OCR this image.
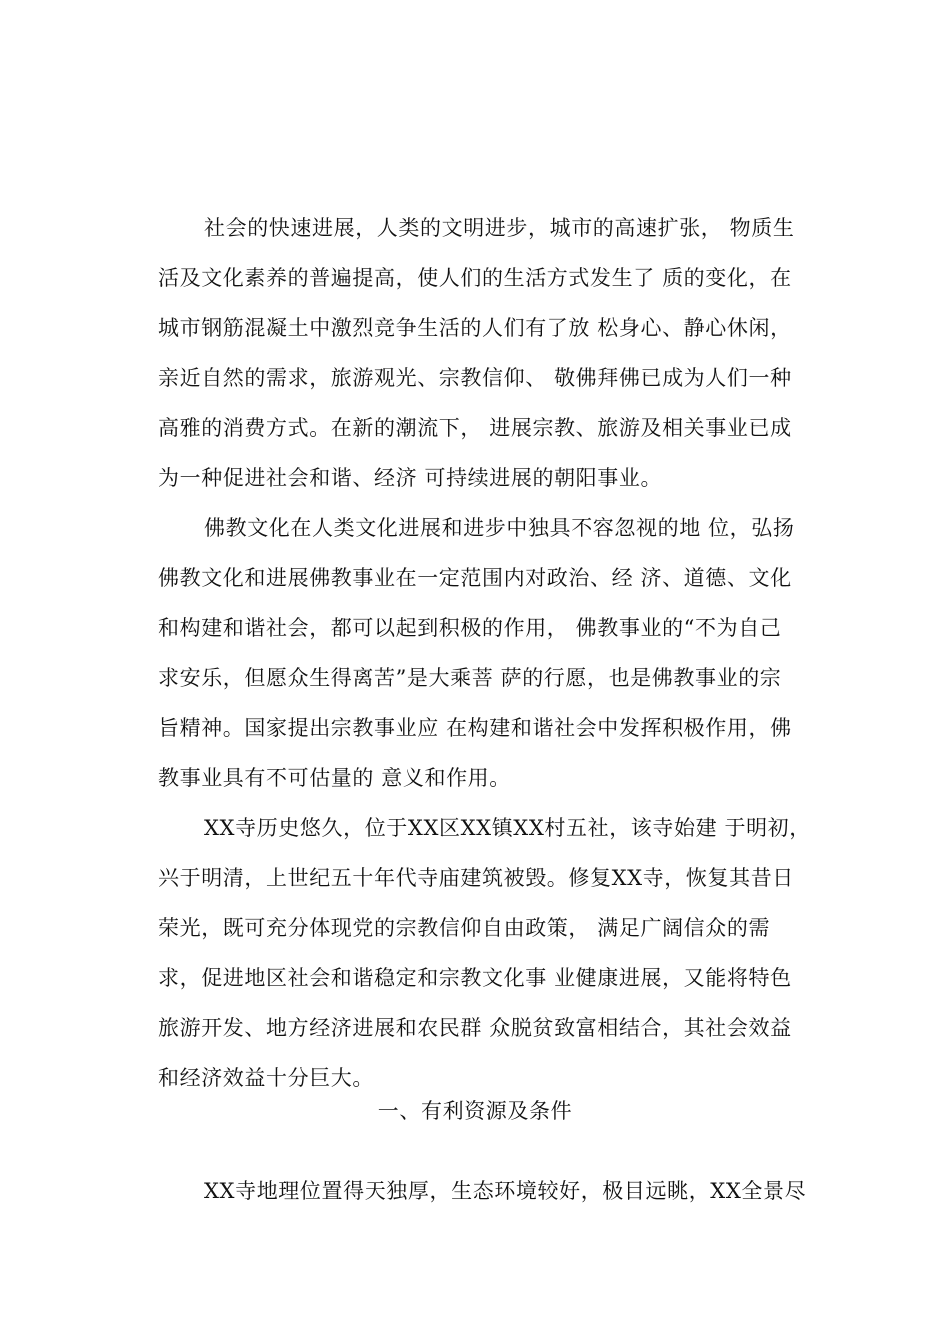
社会的快速进展，人类的文明进步，城市的高速扩张， 物质生
活及文化素养的普遍提高，使人们的生活方式发生了 质的变化，在
城市钢筋混凝土中激烈竞争生活的人们有了放 松身心、静心休闲，
亲近自然的需求，旅游观光、宗教信仰、 敬佛拜佛已成为人们一种
高雅的消费方式。在新的潮流下， 进展宗教、旅游及相关事业已成
为一种促进社会和谐、经济 可持续进展的朝阳事业。

佛教文化在人类文化进展和进步中独具不容忽视的地 位，弘扬
佛教文化和进展佛教事业在一定范围内对政治、经 济、道德、文化
和构建和谐社会，都可以起到积极的作用， 佛教事业的“不为自己
求安乐，但愿众生得离苦”是大乘菩 萨的行愿，也是佛教事业的宗
旨精神。国家提出宗教事业应 在构建和谐社会中发挥积极作用，佛
教事业具有不可估量的 意义和作用。

XX寺历史悠久，位于XX区XX镇XX村五社，该寺始建 于明初，
兴于明清，上世纪五十年代寺庙建筑被毁。修复XX寺，恢复其昔日
荣光，既可充分体现党的宗教信仰自由政策， 满足广阔信众的需
求，促进地区社会和谐稳定和宗教文化事 业健康进展，又能将特色
旅游开发、地方经济进展和农民群 众脱贫致富相结合，其社会效益
和经济效益十分巨大。

一、有利资源及条件

XX寺地理位置得天独厚，生态环境较好，极目远眺，XX全景尽
